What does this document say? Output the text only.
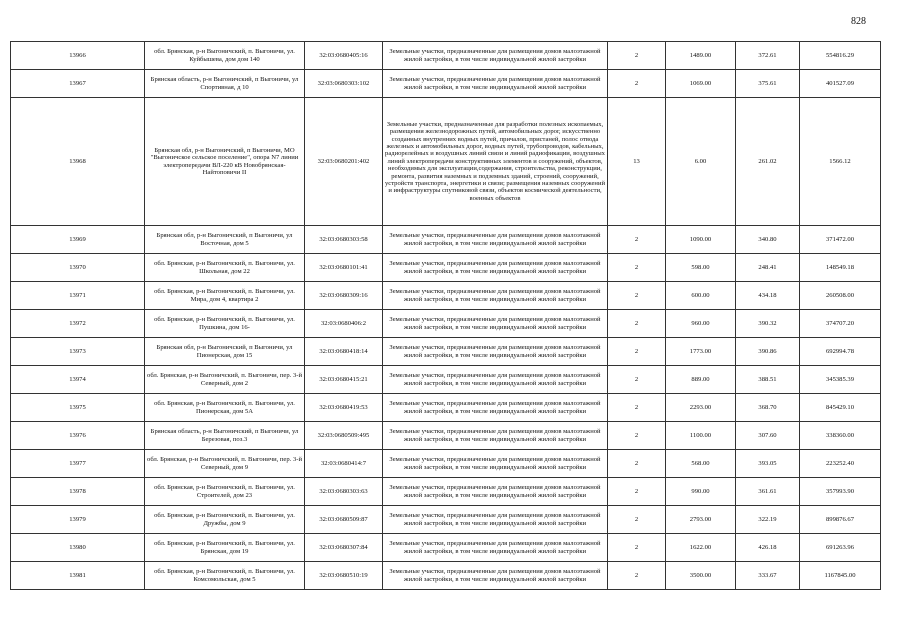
828
13966	обл. Брянская, р-н Выгоничский, п. Выгоничи, ул. Куйбышева, дом дом 140	32:03:0680405:16	Земельные участки, предназначенные для размещения домов малоэтажной жилой застройки, в том числе индивидуальной жилой застройки	2	1489.00	372.61	554816.29
13967	Брянская область, р-н Выгоничский, п Выгоничи, ул Спортивная, д 10	32:03:0680303:102	Земельные участки, предназначенные для размещения домов малоэтажной жилой застройки, в том числе индивидуальной жилой застройки	2	1069.00	375.61	401527.09
13968	Брянская обл, р-н Выгоничский, п Выгоничи, МО "Выгоничское сельское поселение", опора N7 линии электропередачи ВЛ-220 кВ Новобрянская-Найтоповичи II	32:03:0680201:402	Земельные участки, предназначенные для разработки полезных ископаемых, размещения железнодорожных путей, автомобильных дорог, искусственно созданных внутренних водных путей, причалов, пристаней, полос отвода железных и автомобильных дорог, водных путей, трубопроводов, кабельных, радиорелейных и воздушных линий связи и линий радиофикации, воздушных линий электропередачи конструктивных элементов и сооружений, объектов, необходимых для эксплуатации,содержания, строительства, реконструкции, ремонта, развития наземных и подземных зданий, строений, сооружений, устройств транспорта, энергетики и связи; размещения наземных сооружений и инфраструктуры спутниковой связи, объектов космической деятельности, военных объектов	13	6.00	261.02	1566.12
13969	Брянская обл, р-н Выгоничский, п Выгоничи, ул Восточная, дом 5	32:03:0680303:58	Земельные участки, предназначенные для размещения домов малоэтажной жилой застройки, в том числе индивидуальной жилой застройки	2	1090.00	340.80	371472.00
13970	обл. Брянская, р-н Выгоничский, п. Выгоничи, ул. Школьная, дом 22	32:03:0680101:41	Земельные участки, предназначенные для размещения домов малоэтажной жилой застройки, в том числе индивидуальной жилой застройки	2	598.00	248.41	148549.18
13971	обл. Брянская, р-н Выгоничский, п. Выгоничи, ул. Мира, дом 4, квартира 2	32:03:0680309:16	Земельные участки, предназначенные для размещения домов малоэтажной жилой застройки, в том числе индивидуальной жилой застройки	2	600.00	434.18	260508.00
13972	обл. Брянская, р-н Выгоничский, п. Выгоничи, ул. Пушкина, дом 16-	32:03:0680406:2	Земельные участки, предназначенные для размещения домов малоэтажной жилой застройки, в том числе индивидуальной жилой застройки	2	960.00	390.32	374707.20
13973	Брянская обл, р-н Выгоничский, п Выгоничи, ул Пионерская, дом 15	32:03:0680418:14	Земельные участки, предназначенные для размещения домов малоэтажной жилой застройки, в том числе индивидуальной жилой застройки	2	1773.00	390.86	692994.78
13974	обл. Брянская, р-н Выгоничский, п. Выгоничи, пер. 3-й Северный, дом 2	32:03:0680415:21	Земельные участки, предназначенные для размещения домов малоэтажной жилой застройки, в том числе индивидуальной жилой застройки	2	889.00	388.51	345385.39
13975	обл. Брянская, р-н Выгоничский, п. Выгоничи, ул. Пионерская, дом 5А	32:03:0680419:53	Земельные участки, предназначенные для размещения домов малоэтажной жилой застройки, в том числе индивидуальной жилой застройки	2	2293.00	368.70	845429.10
13976	Брянская область, р-н Выгоничский, п Выгоничи, ул Березовая, поз.3	32:03:0680509:495	Земельные участки, предназначенные для размещения домов малоэтажной жилой застройки, в том числе индивидуальной жилой застройки	2	1100.00	307.60	338360.00
13977	обл. Брянская, р-н Выгоничский, п. Выгоничи, пер. 3-й Северный, дом 9	32:03:0680414:7	Земельные участки, предназначенные для размещения домов малоэтажной жилой застройки, в том числе индивидуальной жилой застройки	2	568.00	393.05	223252.40
13978	обл. Брянская, р-н Выгоничский, п. Выгоничи, ул. Строителей, дом 23	32:03:0680303:63	Земельные участки, предназначенные для размещения домов малоэтажной жилой застройки, в том числе индивидуальной жилой застройки	2	990.00	361.61	357993.90
13979	обл. Брянская, р-н Выгоничский, п. Выгоничи, ул. Дружбы, дом 9	32:03:0680509:87	Земельные участки, предназначенные для размещения домов малоэтажной жилой застройки, в том числе индивидуальной жилой застройки	2	2793.00	322.19	899876.67
13980	обл. Брянская, р-н Выгоничский, п. Выгоничи, ул. Брянская, дом 19	32:03:0680307:84	Земельные участки, предназначенные для размещения домов малоэтажной жилой застройки, в том числе индивидуальной жилой застройки	2	1622.00	426.18	691263.96
13981	обл. Брянская, р-н Выгоничский, п. Выгоничи, ул. Комсомольская, дом 5	32:03:0680510:19	Земельные участки, предназначенные для размещения домов малоэтажной жилой застройки, в том числе индивидуальной жилой застройки	2	3500.00	333.67	1167845.00
